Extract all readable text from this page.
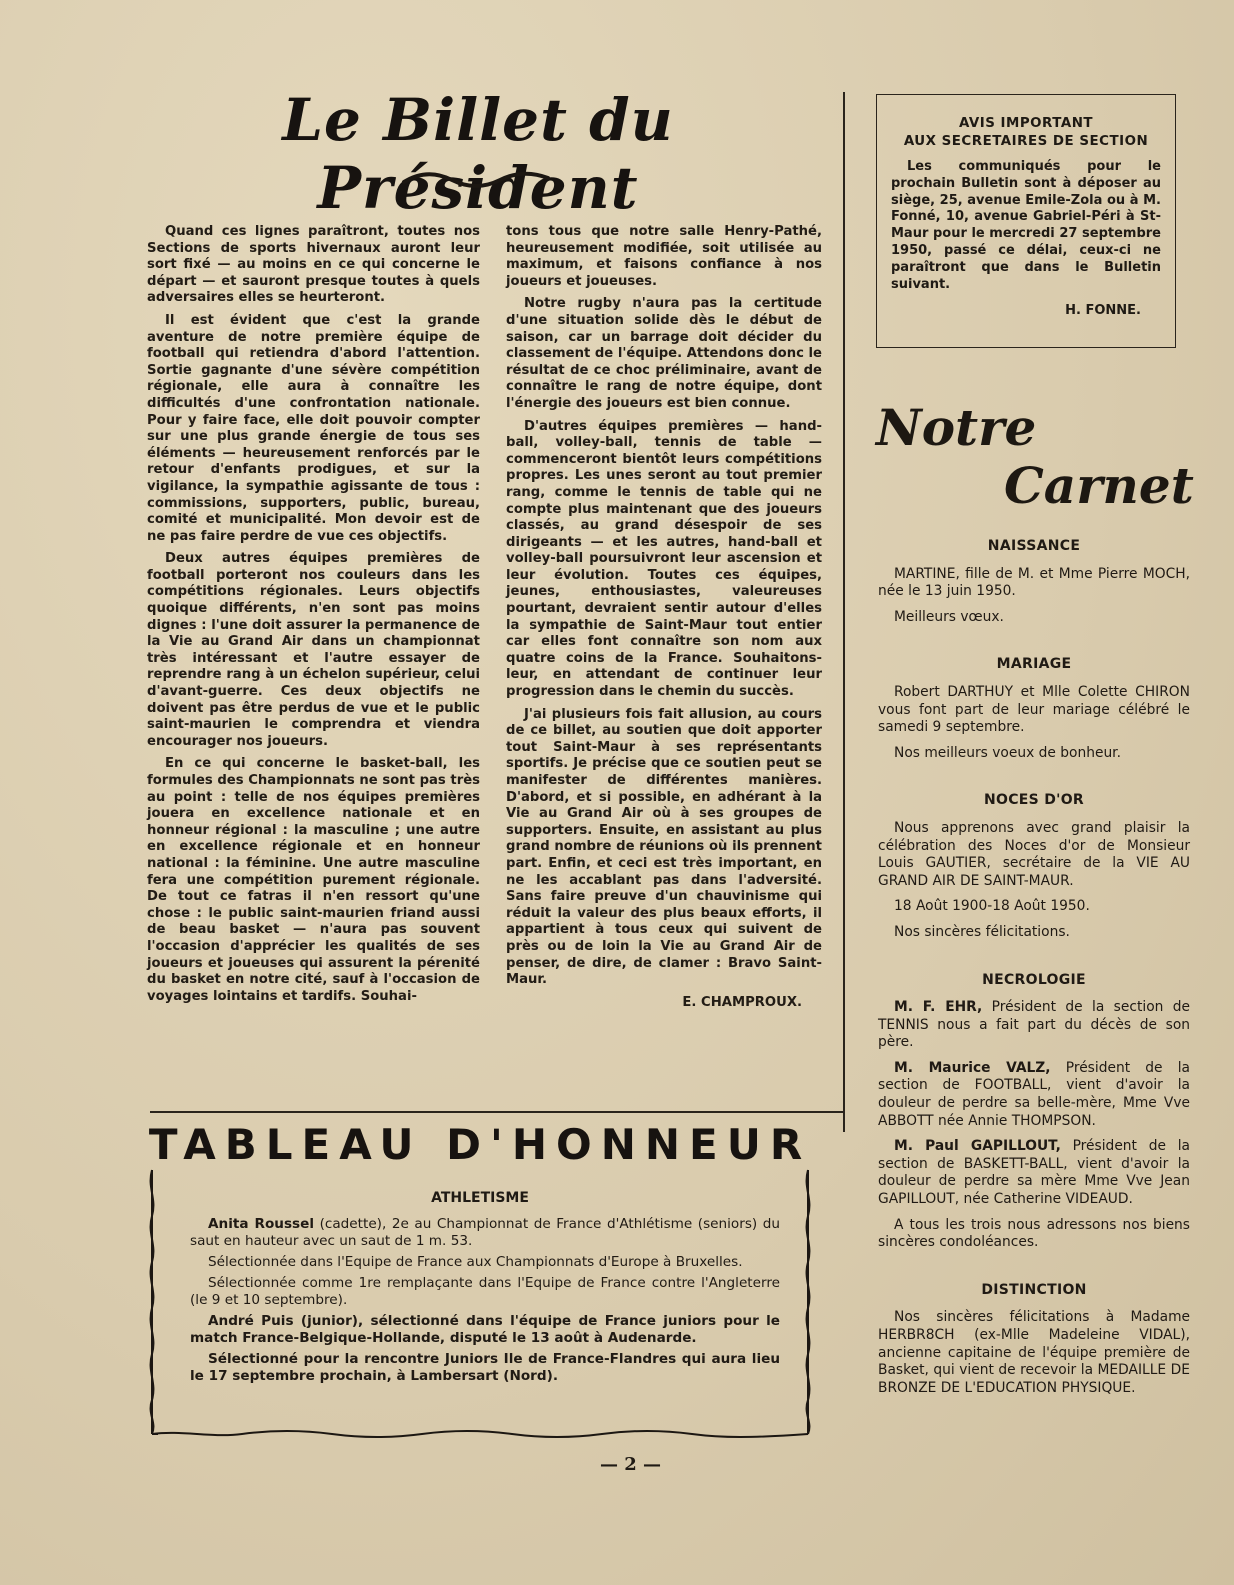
Le Billet du Président

Quand ces lignes paraîtront, toutes nos Sections de sports hivernaux auront leur sort fixé — au moins en ce qui concerne le départ — et sauront presque toutes à quels adversaires elles se heurteront.

Il est évident que c'est la grande aventure de notre première équipe de football qui retiendra d'abord l'attention. Sortie gagnante d'une sévère compétition régionale, elle aura à connaître les difficultés d'une confrontation nationale. Pour y faire face, elle doit pouvoir compter sur une plus grande énergie de tous ses éléments — heureusement renforcés par le retour d'enfants prodigues, et sur la vigilance, la sympathie agissante de tous : commissions, supporters, public, bureau, comité et municipalité. Mon devoir est de ne pas faire perdre de vue ces objectifs.

Deux autres équipes premières de football porteront nos couleurs dans les compétitions régionales. Leurs objectifs quoique différents, n'en sont pas moins dignes : l'une doit assurer la permanence de la Vie au Grand Air dans un championnat très intéressant et l'autre essayer de reprendre rang à un échelon supérieur, celui d'avant-guerre. Ces deux objectifs ne doivent pas être perdus de vue et le public saint-maurien le comprendra et viendra encourager nos joueurs.

En ce qui concerne le basket-ball, les formules des Championnats ne sont pas très au point : telle de nos équipes premières jouera en excellence nationale et en honneur régional : la masculine ; une autre en excellence régionale et en honneur national : la féminine. Une autre masculine fera une compétition purement régionale. De tout ce fatras il n'en ressort qu'une chose : le public saint-maurien friand aussi de beau basket — n'aura pas souvent l'occasion d'apprécier les qualités de ses joueurs et joueuses qui assurent la pérenité du basket en notre cité, sauf à l'occasion de voyages lointains et tardifs. Souhai-

tons tous que notre salle Henry-Pathé, heureusement modifiée, soit utilisée au maximum, et faisons confiance à nos joueurs et joueuses.

Notre rugby n'aura pas la certitude d'une situation solide dès le début de saison, car un barrage doit décider du classement de l'équipe. Attendons donc le résultat de ce choc préliminaire, avant de connaître le rang de notre équipe, dont l'énergie des joueurs est bien connue.

D'autres équipes premières — hand-ball, volley-ball, tennis de table — commenceront bientôt leurs compétitions propres. Les unes seront au tout premier rang, comme le tennis de table qui ne compte plus maintenant que des joueurs classés, au grand désespoir de ses dirigeants — et les autres, hand-ball et volley-ball poursuivront leur ascension et leur évolution. Toutes ces équipes, jeunes, enthousiastes, valeureuses pourtant, devraient sentir autour d'elles la sympathie de Saint-Maur tout entier car elles font connaître son nom aux quatre coins de la France. Souhaitons-leur, en attendant de continuer leur progression dans le chemin du succès.

J'ai plusieurs fois fait allusion, au cours de ce billet, au soutien que doit apporter tout Saint-Maur à ses représentants sportifs. Je précise que ce soutien peut se manifester de différentes manières. D'abord, et si possible, en adhérant à la Vie au Grand Air où à ses groupes de supporters. Ensuite, en assistant au plus grand nombre de réunions où ils prennent part. Enfin, et ceci est très important, en ne les accablant pas dans l'adversité. Sans faire preuve d'un chauvinisme qui réduit la valeur des plus beaux efforts, il appartient à tous ceux qui suivent de près ou de loin la Vie au Grand Air de penser, de dire, de clamer : Bravo Saint-Maur.

E. CHAMPROUX.
AVIS IMPORTANT
AUX SECRETAIRES DE SECTION
Les communiqués pour le prochain Bulletin sont à déposer au siège, 25, avenue Emile-Zola ou à M. Fonné, 10, avenue Gabriel-Péri à St-Maur pour le mercredi 27 septembre 1950, passé ce délai, ceux-ci ne paraîtront que dans le Bulletin suivant.
H. FONNE.
Notre
Carnet
NAISSANCE

MARTINE, fille de M. et Mme Pierre MOCH, née le 13 juin 1950.

Meilleurs vœux.

MARIAGE

Robert DARTHUY et Mlle Colette CHIRON vous font part de leur mariage célébré le samedi 9 septembre.

Nos meilleurs voeux de bonheur.

NOCES D'OR

Nous apprenons avec grand plaisir la célébration des Noces d'or de Monsieur Louis GAUTIER, secrétaire de la VIE AU GRAND AIR DE SAINT-MAUR.

18 Août 1900-18 Août 1950.

Nos sincères félicitations.

NECROLOGIE

M. F. EHR, Président de la section de TENNIS nous a fait part du décès de son père.

M. Maurice VALZ, Président de la section de FOOTBALL, vient d'avoir la douleur de perdre sa belle-mère, Mme Vve ABBOTT née Annie THOMPSON.

M. Paul GAPILLOUT, Président de la section de BASKETT-BALL, vient d'avoir la douleur de perdre sa mère Mme Vve Jean GAPILLOUT, née Catherine VIDEAUD.

A tous les trois nous adressons nos biens sincères condoléances.

DISTINCTION

Nos sincères félicitations à Madame HERBR8CH (ex-Mlle Madeleine VIDAL), ancienne capitaine de l'équipe première de Basket, qui vient de recevoir la MEDAILLE DE BRONZE DE L'EDUCATION PHYSIQUE.

TABLEAU D'HONNEUR
ATHLETISME

Anita Roussel (cadette), 2e au Championnat de France d'Athlétisme (seniors) du saut en hauteur avec un saut de 1 m. 53.

Sélectionnée dans l'Equipe de France aux Championnats d'Europe à Bruxelles.

Sélectionnée comme 1re remplaçante dans l'Equipe de France contre l'Angleterre (le 9 et 10 septembre).

André Puis (junior), sélectionné dans l'équipe de France juniors pour le match France-Belgique-Hollande, disputé le 13 août à Audenarde.

Sélectionné pour la rencontre Juniors Ile de France-Flandres qui aura lieu le 17 septembre prochain, à Lambersart (Nord).

— 2 —
